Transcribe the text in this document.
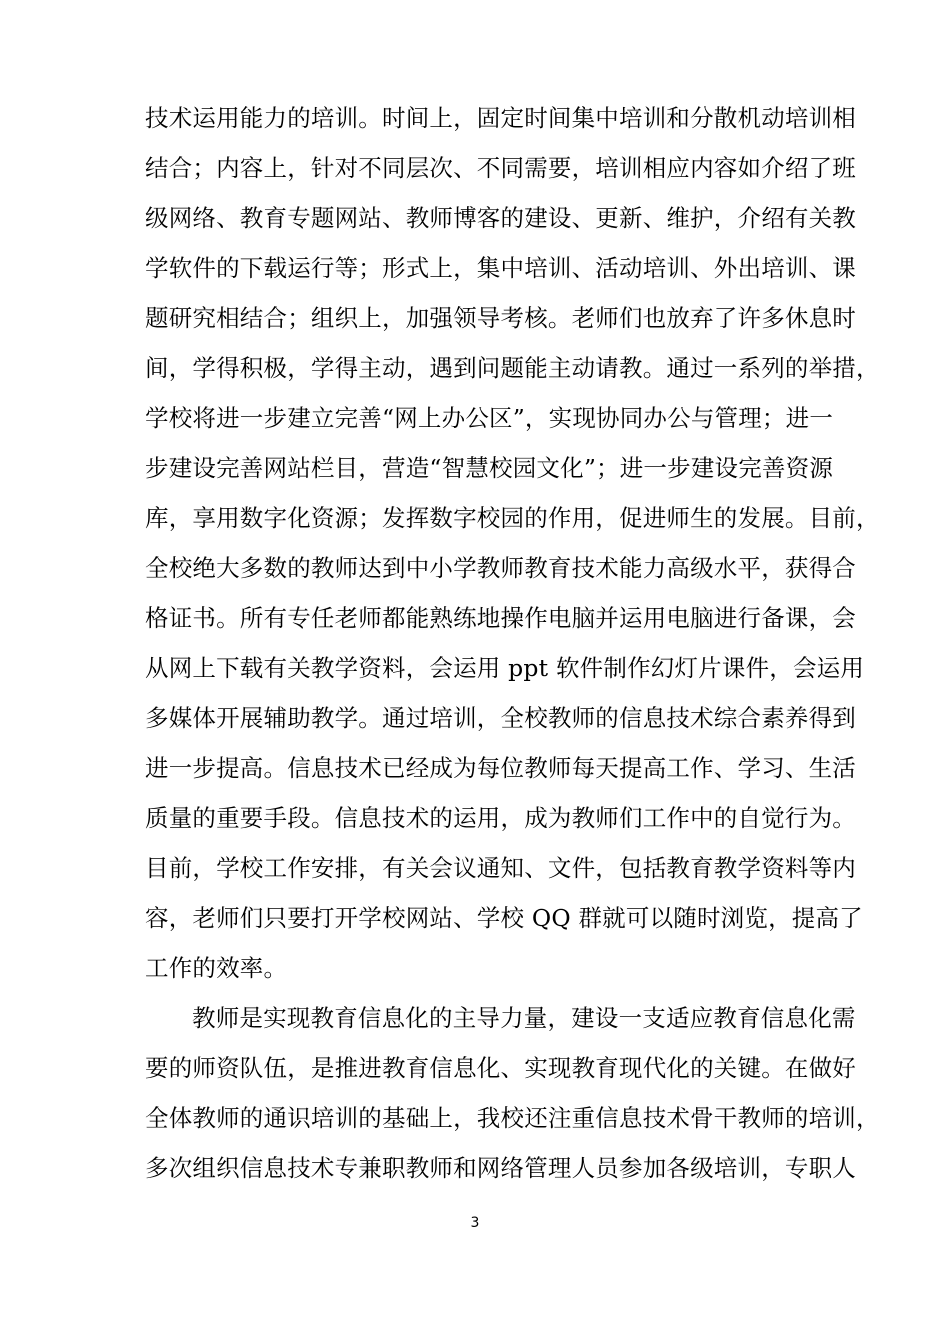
技术运用能力的培训。时间上，固定时间集中培训和分散机动培训相
结合；内容上，针对不同层次、不同需要，培训相应内容如介绍了班
级网络、教育专题网站、教师博客的建设、更新、维护，介绍有关教
学软件的下载运行等；形式上，集中培训、活动培训、外出培训、课
题研究相结合；组织上，加强领导考核。老师们也放弃了许多休息时
间，学得积极，学得主动，遇到问题能主动请教。通过一系列的举措，
学校将进一步建立完善“网上办公区”，实现协同办公与管理；进一
步建设完善网站栏目，营造“智慧校园文化”；进一步建设完善资源
库，享用数字化资源；发挥数字校园的作用，促进师生的发展。目前，
全校绝大多数的教师达到中小学教师教育技术能力高级水平，获得合
格证书。所有专任老师都能熟练地操作电脑并运用电脑进行备课，会
从网上下载有关教学资料，会运用 ppt 软件制作幻灯片课件，会运用
多媒体开展辅助教学。通过培训，全校教师的信息技术综合素养得到
进一步提高。信息技术已经成为每位教师每天提高工作、学习、生活
质量的重要手段。信息技术的运用，成为教师们工作中的自觉行为。
目前，学校工作安排，有关会议通知、文件，包括教育教学资料等内
容，老师们只要打开学校网站、学校 QQ 群就可以随时浏览，提高了
工作的效率。
教师是实现教育信息化的主导力量，建设一支适应教育信息化需
要的师资队伍，是推进教育信息化、实现教育现代化的关键。在做好
全体教师的通识培训的基础上，我校还注重信息技术骨干教师的培训，
多次组织信息技术专兼职教师和网络管理人员参加各级培训，专职人
3
